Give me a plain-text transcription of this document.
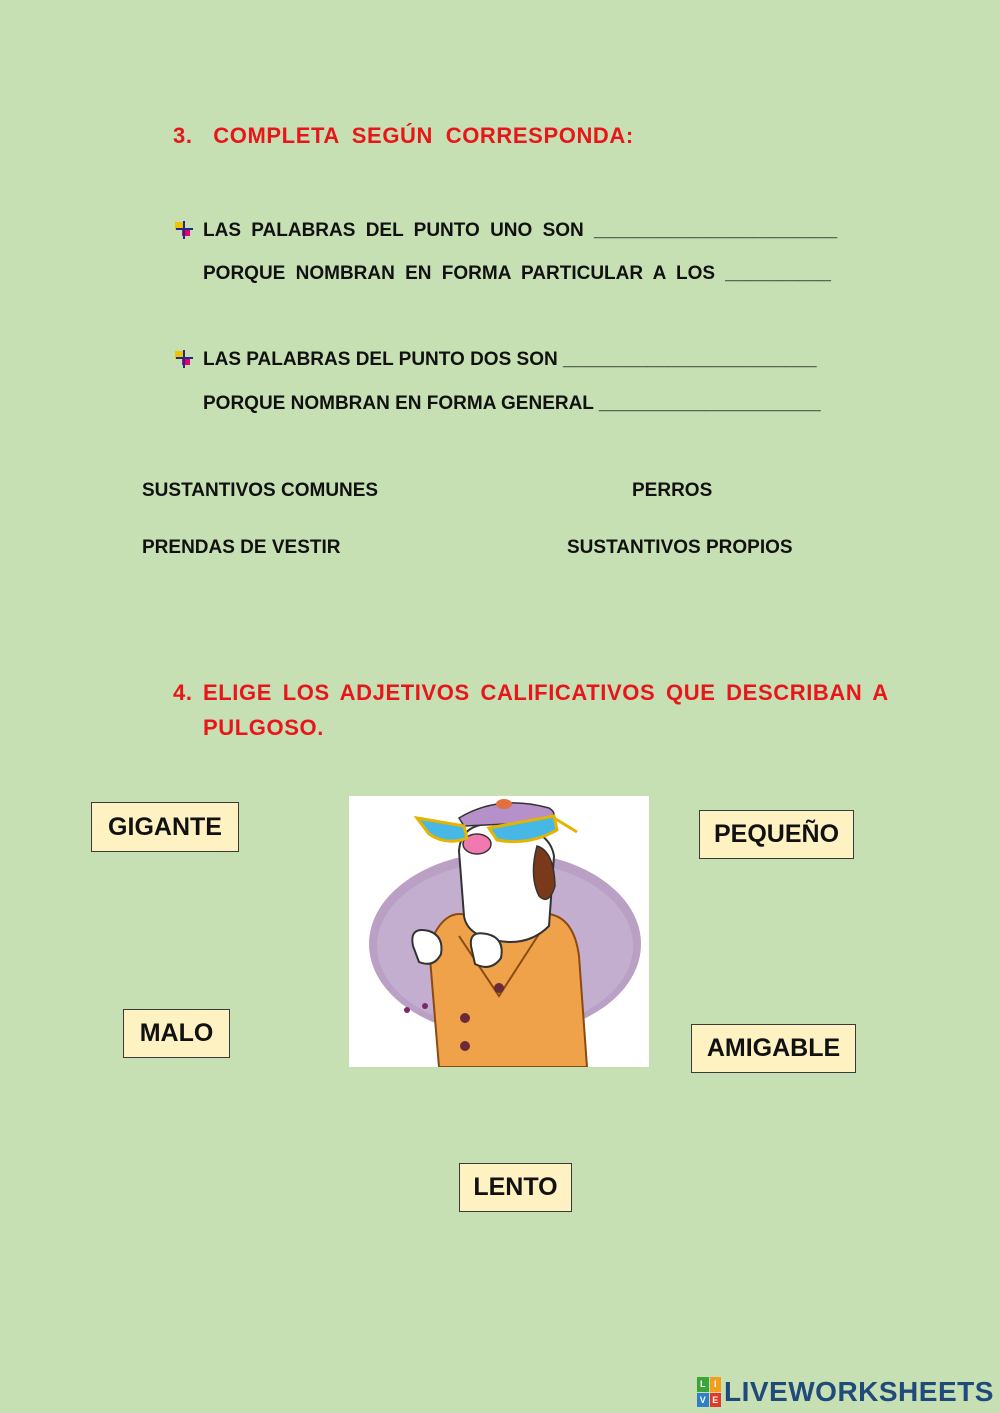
3. COMPLETA SEGÚN CORRESPONDA:
LAS PALABRAS DEL PUNTO UNO SON _______________________
PORQUE NOMBRAN EN FORMA PARTICULAR A LOS __________
LAS PALABRAS DEL PUNTO DOS SON ________________________
PORQUE NOMBRAN EN FORMA GENERAL _____________________
SUSTANTIVOS COMUNES	PERROS
PRENDAS DE VESTIR	SUSTANTIVOS PROPIOS
4. ELIGE LOS ADJETIVOS CALIFICATIVOS QUE DESCRIBAN A
PULGOSO.
GIGANTE	PEQUEÑO
MALO
AMIGABLE
LENTO
L I
V E LIVEWORKSHEETS
